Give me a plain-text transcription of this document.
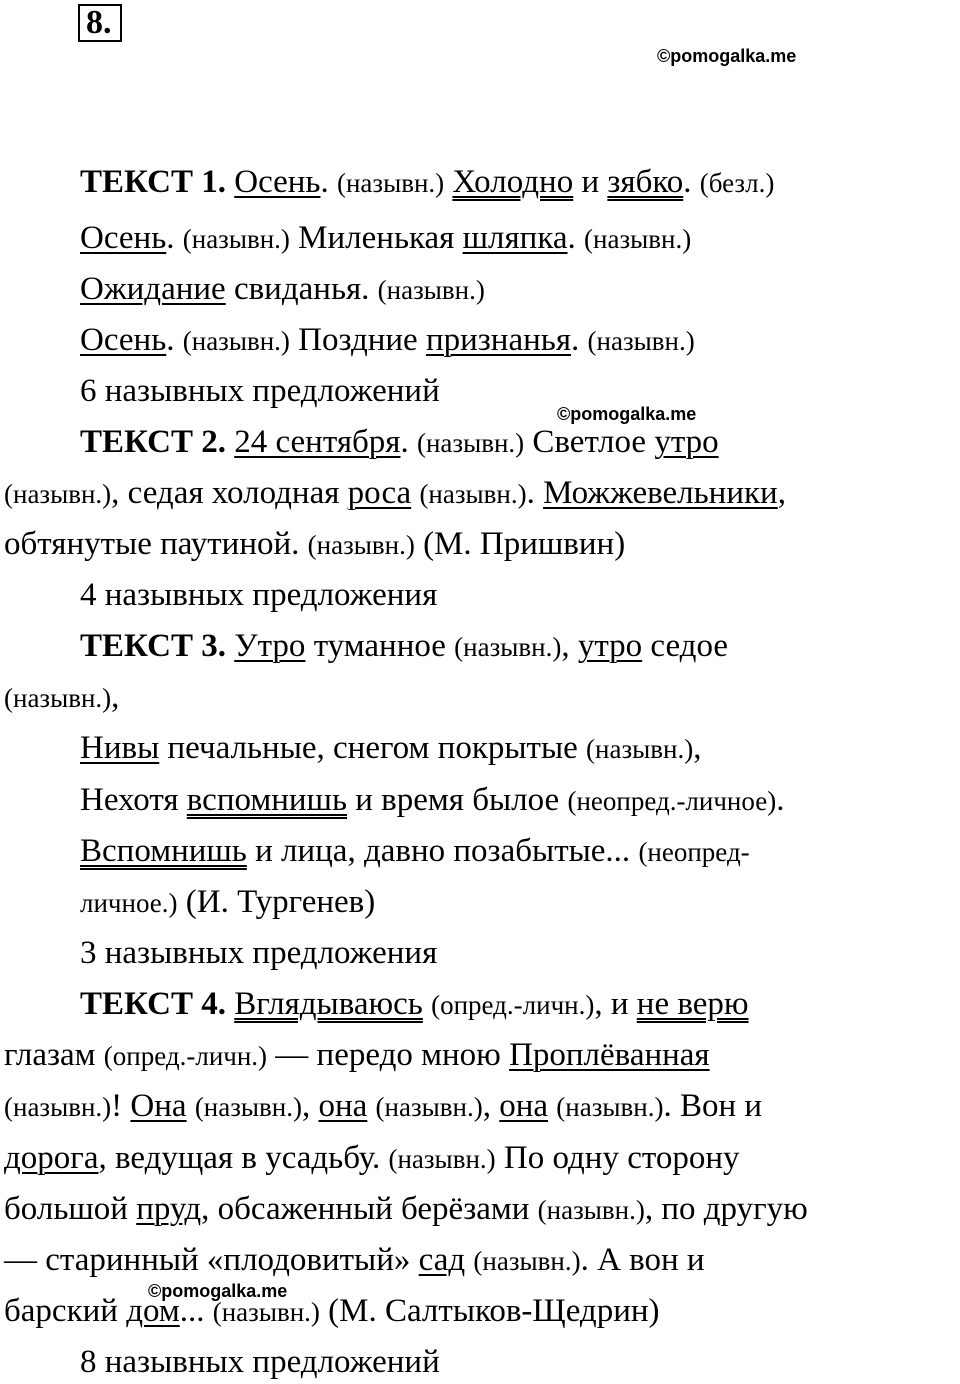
8.
©pomogalka.me
©pomogalka.me
©pomogalka.me
ТЕКСТ 1. Осень. (назывн.) Холодно и зябко. (безл.)
Осень. (назывн.) Миленькая шляпка. (назывн.)
Ожидание свиданья. (назывн.)
Осень. (назывн.) Поздние признанья. (назывн.)
6 назывных предложений
ТЕКСТ 2. 24 сентября. (назывн.) Светлое утро
(назывн.), седая холодная роса (назывн.). Можжевельники,
обтянутые паутиной. (назывн.) (М. Пришвин)
4 назывных предложения
ТЕКСТ 3. Утро туманное (назывн.), утро седое
(назывн.),
Нивы печальные, снегом покрытые (назывн.),
Нехотя вспомнишь и время былое (неопред.-личное).
Вспомнишь и лица, давно позабытые... (неопред-
личное.) (И. Тургенев)
3 назывных предложения
ТЕКСТ 4. Вглядываюсь (опред.-личн.), и не верю
глазам (опред.-личн.) — передо мною Проплёванная
(назывн.)! Она (назывн.), она (назывн.), она (назывн.). Вон и
дорога, ведущая в усадьбу. (назывн.) По одну сторону
большой пруд, обсаженный берёзами (назывн.), по другую
— старинный «плодовитый» сад (назывн.). А вон и
барский дом... (назывн.) (М. Салтыков-Щедрин)
8 назывных предложений
